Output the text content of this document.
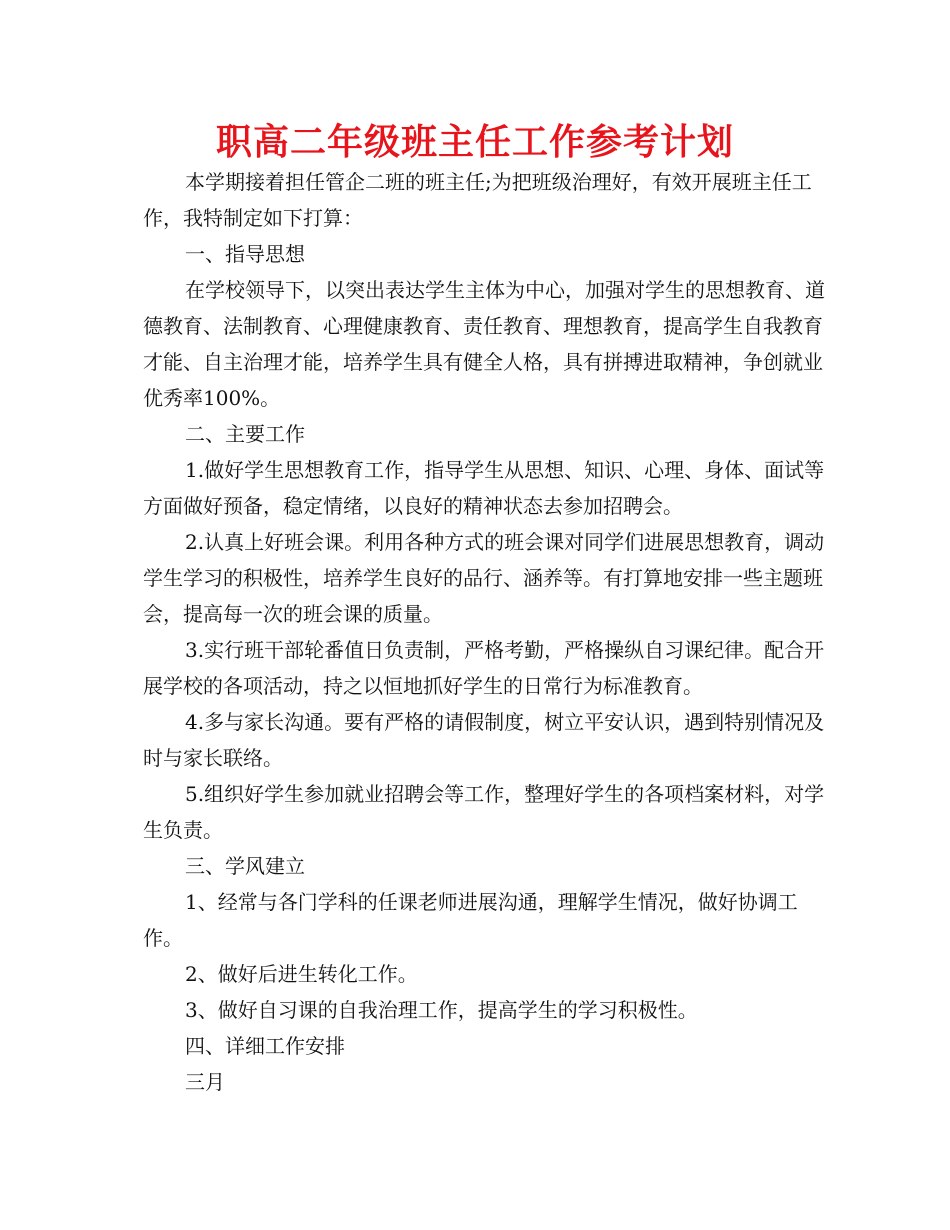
职高二年级班主任工作参考计划

本学期接着担任管企二班的班主任;为把班级治理好，有效开展班主任工作，我特制定如下打算：

一、指导思想

在学校领导下，以突出表达学生主体为中心，加强对学生的思想教育、道德教育、法制教育、心理健康教育、责任教育、理想教育，提高学生自我教育才能、自主治理才能，培养学生具有健全人格，具有拼搏进取精神，争创就业优秀率100%。

二、主要工作

1.做好学生思想教育工作，指导学生从思想、知识、心理、身体、面试等方面做好预备，稳定情绪，以良好的精神状态去参加招聘会。

2.认真上好班会课。利用各种方式的班会课对同学们进展思想教育，调动学生学习的积极性，培养学生良好的品行、涵养等。有打算地安排一些主题班会，提高每一次的班会课的质量。

3.实行班干部轮番值日负责制，严格考勤，严格操纵自习课纪律。配合开展学校的各项活动，持之以恒地抓好学生的日常行为标准教育。

4.多与家长沟通。要有严格的请假制度，树立平安认识，遇到特别情况及时与家长联络。

5.组织好学生参加就业招聘会等工作，整理好学生的各项档案材料，对学生负责。

三、学风建立

1、经常与各门学科的任课老师进展沟通，理解学生情况，做好协调工作。

2、做好后进生转化工作。

3、做好自习课的自我治理工作，提高学生的学习积极性。

四、详细工作安排

三月
